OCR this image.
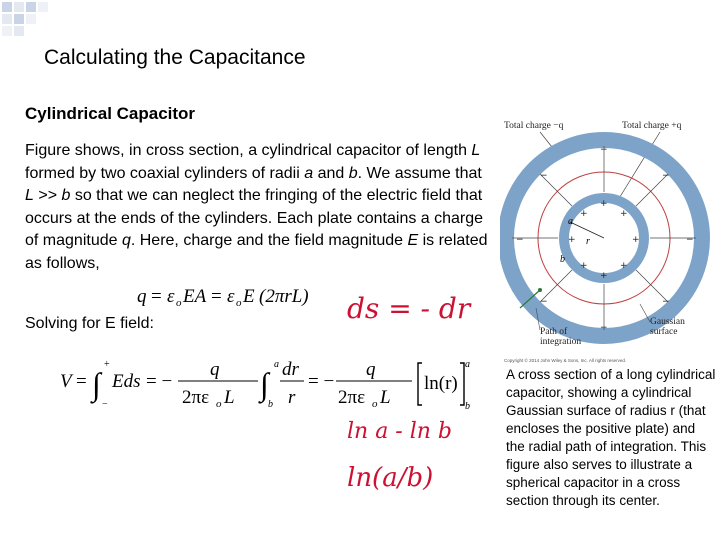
Calculating the Capacitance
Cylindrical Capacitor
Figure shows, in cross section, a cylindrical capacitor of length L formed by two coaxial cylinders of radii a and b. We assume that L >> b so that we can neglect the fringing of the electric field that occurs at the ends of the cylinders. Each plate contains a charge of magnitude q. Here, charge and the field magnitude E is related as follows,
q = ε o EA = ε o E (2πrL)
Solving for E field:
V = ∫
+
−
Eds = −
q
2πε o L ∫
a
b
dr
r
= −
q
2πε o L
ln(r)
a
b
ds = - dr
ln a - ln b
ln(a/b)
Total charge −q	Total charge +q
+
+
+	+
+	+
+	+
−
−
−	−
−	−
−	−
a
r
b
Gaussian
surface
Path of
integration
Copyright © 2014 John Wiley & Sons, Inc. All rights reserved.
A cross section of a long cylindrical capacitor, showing a cylindrical Gaussian surface of radius r (that encloses the positive plate) and the radial path of integration. This figure also serves to illustrate a spherical capacitor in a cross section through its center.
